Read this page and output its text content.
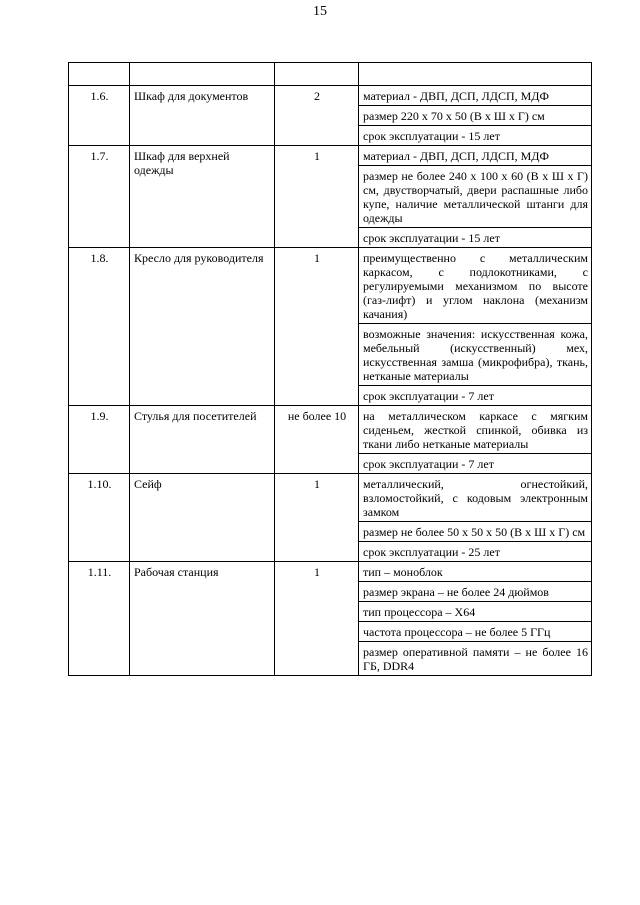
15

1.6.	Шкаф для документов	2	материал - ДВП, ДСП, ЛДСП, МДФ
			размер 220 х 70 х 50 (В х Ш х Г) см
			срок эксплуатации - 15 лет
1.7.	Шкаф для верхней одежды	1	материал - ДВП, ДСП, ЛДСП, МДФ
			размер не более 240 х 100 х 60 (В х Ш х Г) см, двустворчатый, двери распашные либо купе, наличие металлической штанги для одежды
			срок эксплуатации - 15 лет
1.8.	Кресло для руководителя	1	преимущественно с металлическим каркасом, с подлокотниками, с регулируемыми механизмом по высоте (газ-лифт) и углом наклона (механизм качания)
			возможные значения: искусственная кожа, мебельный (искусственный) мех, искусственная замша (микрофибра), ткань, нетканые материалы
			срок эксплуатации - 7 лет
1.9.	Стулья для посетителей	не более 10	на металлическом каркасе с мягким сиденьем, жесткой спинкой, обивка из ткани либо нетканые материалы
			срок эксплуатации - 7 лет
1.10.	Сейф	1	металлический, огнестойкий, взломостойкий, с кодовым электронным замком
			размер не более 50 х 50 х 50 (В х Ш х Г) см
			срок эксплуатации - 25 лет
1.11.	Рабочая станция	1	тип – моноблок
			размер экрана – не более 24 дюймов
			тип процессора – X64
			частота процессора – не более 5 ГГц
			размер оперативной памяти – не более 16 ГБ, DDR4
